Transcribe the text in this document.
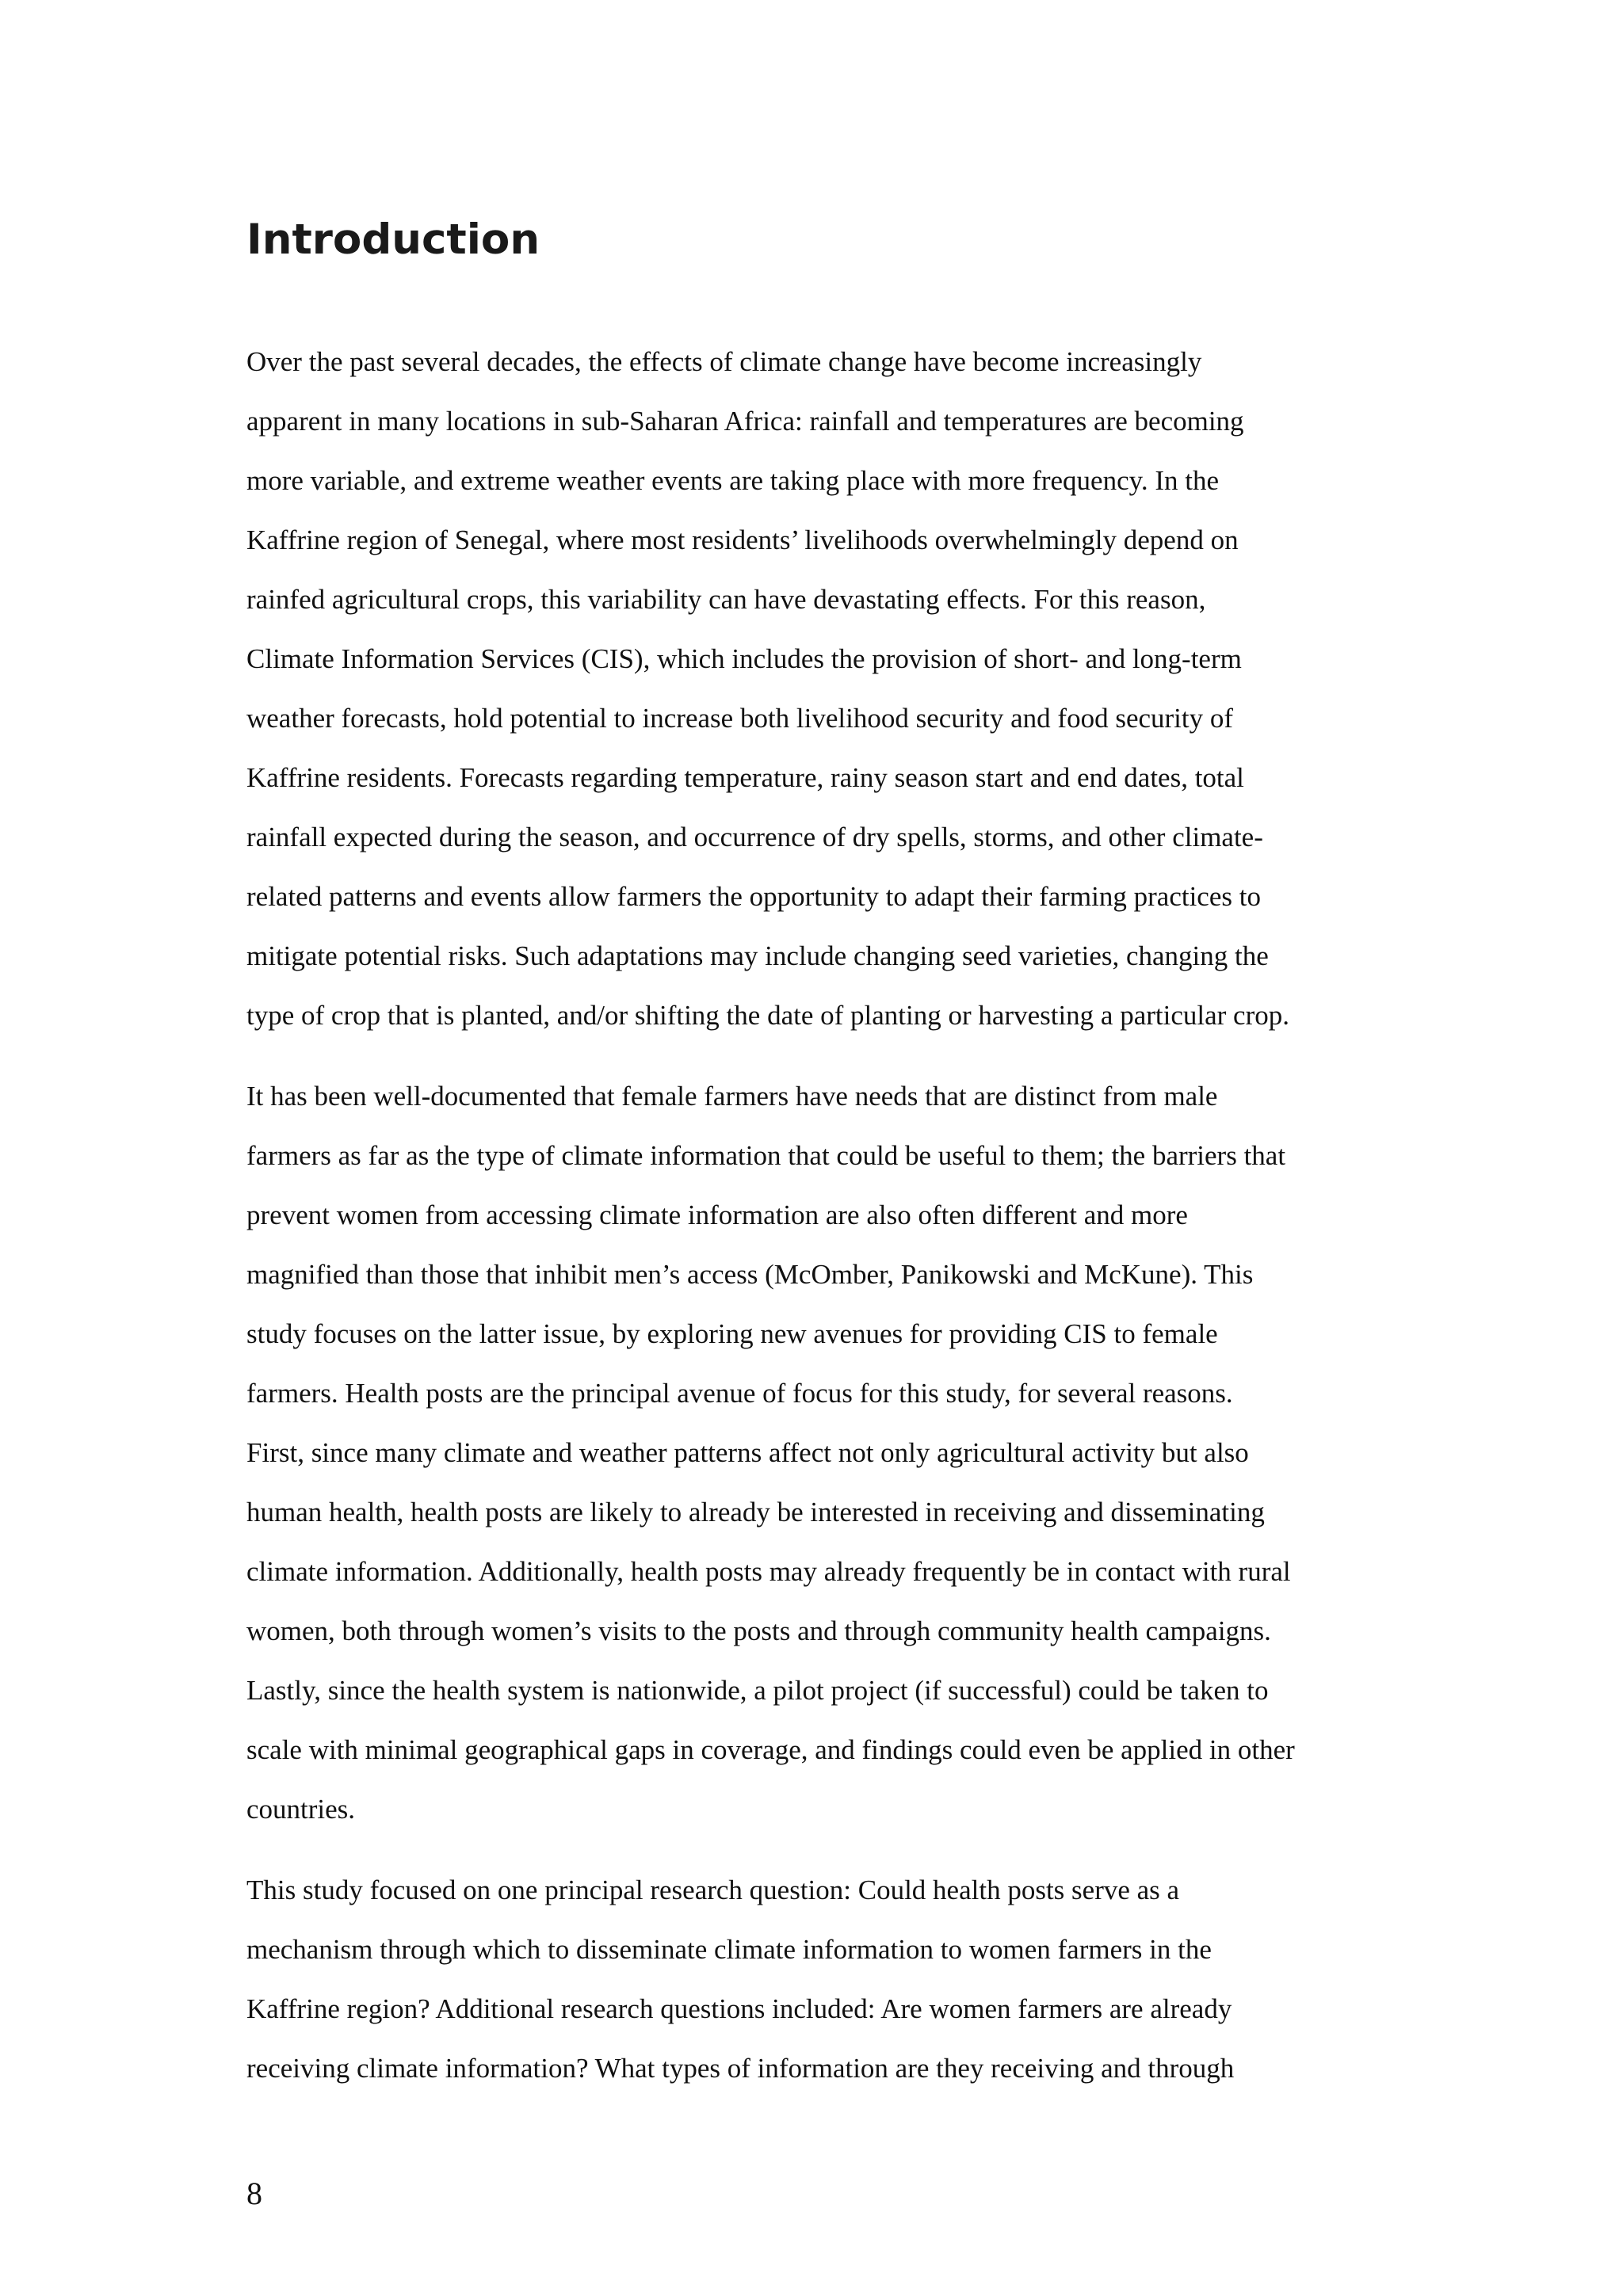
Introduction
Over the past several decades, the effects of climate change have become increasingly
apparent in many locations in sub-Saharan Africa: rainfall and temperatures are becoming
more variable, and extreme weather events are taking place with more frequency. In the
Kaffrine region of Senegal, where most residents’ livelihoods overwhelmingly depend on
rainfed agricultural crops, this variability can have devastating effects. For this reason,
Climate Information Services (CIS), which includes the provision of short- and long-term
weather forecasts, hold potential to increase both livelihood security and food security of
Kaffrine residents. Forecasts regarding temperature, rainy season start and end dates, total
rainfall expected during the season, and occurrence of dry spells, storms, and other climate-
related patterns and events allow farmers the opportunity to adapt their farming practices to
mitigate potential risks. Such adaptations may include changing seed varieties, changing the
type of crop that is planted, and/or shifting the date of planting or harvesting a particular crop.
It has been well-documented that female farmers have needs that are distinct from male
farmers as far as the type of climate information that could be useful to them; the barriers that
prevent women from accessing climate information are also often different and more
magnified than those that inhibit men’s access (McOmber, Panikowski and McKune). This
study focuses on the latter issue, by exploring new avenues for providing CIS to female
farmers. Health posts are the principal avenue of focus for this study, for several reasons.
First, since many climate and weather patterns affect not only agricultural activity but also
human health, health posts are likely to already be interested in receiving and disseminating
climate information. Additionally, health posts may already frequently be in contact with rural
women, both through women’s visits to the posts and through community health campaigns.
Lastly, since the health system is nationwide, a pilot project (if successful) could be taken to
scale with minimal geographical gaps in coverage, and findings could even be applied in other
countries.
This study focused on one principal research question: Could health posts serve as a
mechanism through which to disseminate climate information to women farmers in the
Kaffrine region? Additional research questions included: Are women farmers are already
receiving climate information? What types of information are they receiving and through
8
